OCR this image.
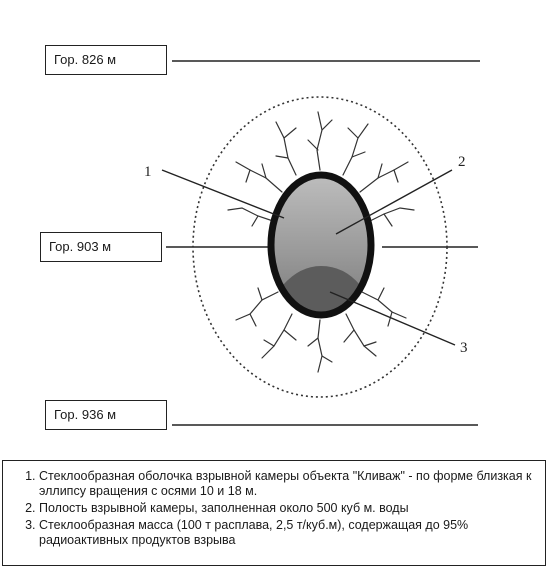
1
2
3
Гор. 826 м
Гор. 903 м
Гор. 936 м
1. Стеклообразная оболочка взрывной камеры объекта "Кливаж" - по форме близкая к эллипсу вращения с осями 10 и 18 м.
2. Полость взрывной камеры, заполненная около 500 куб м. воды
3. Стеклообразная масса (100 т расплава, 2,5 т/куб.м), содержащая до 95% радиоактивных продуктов взрыва
